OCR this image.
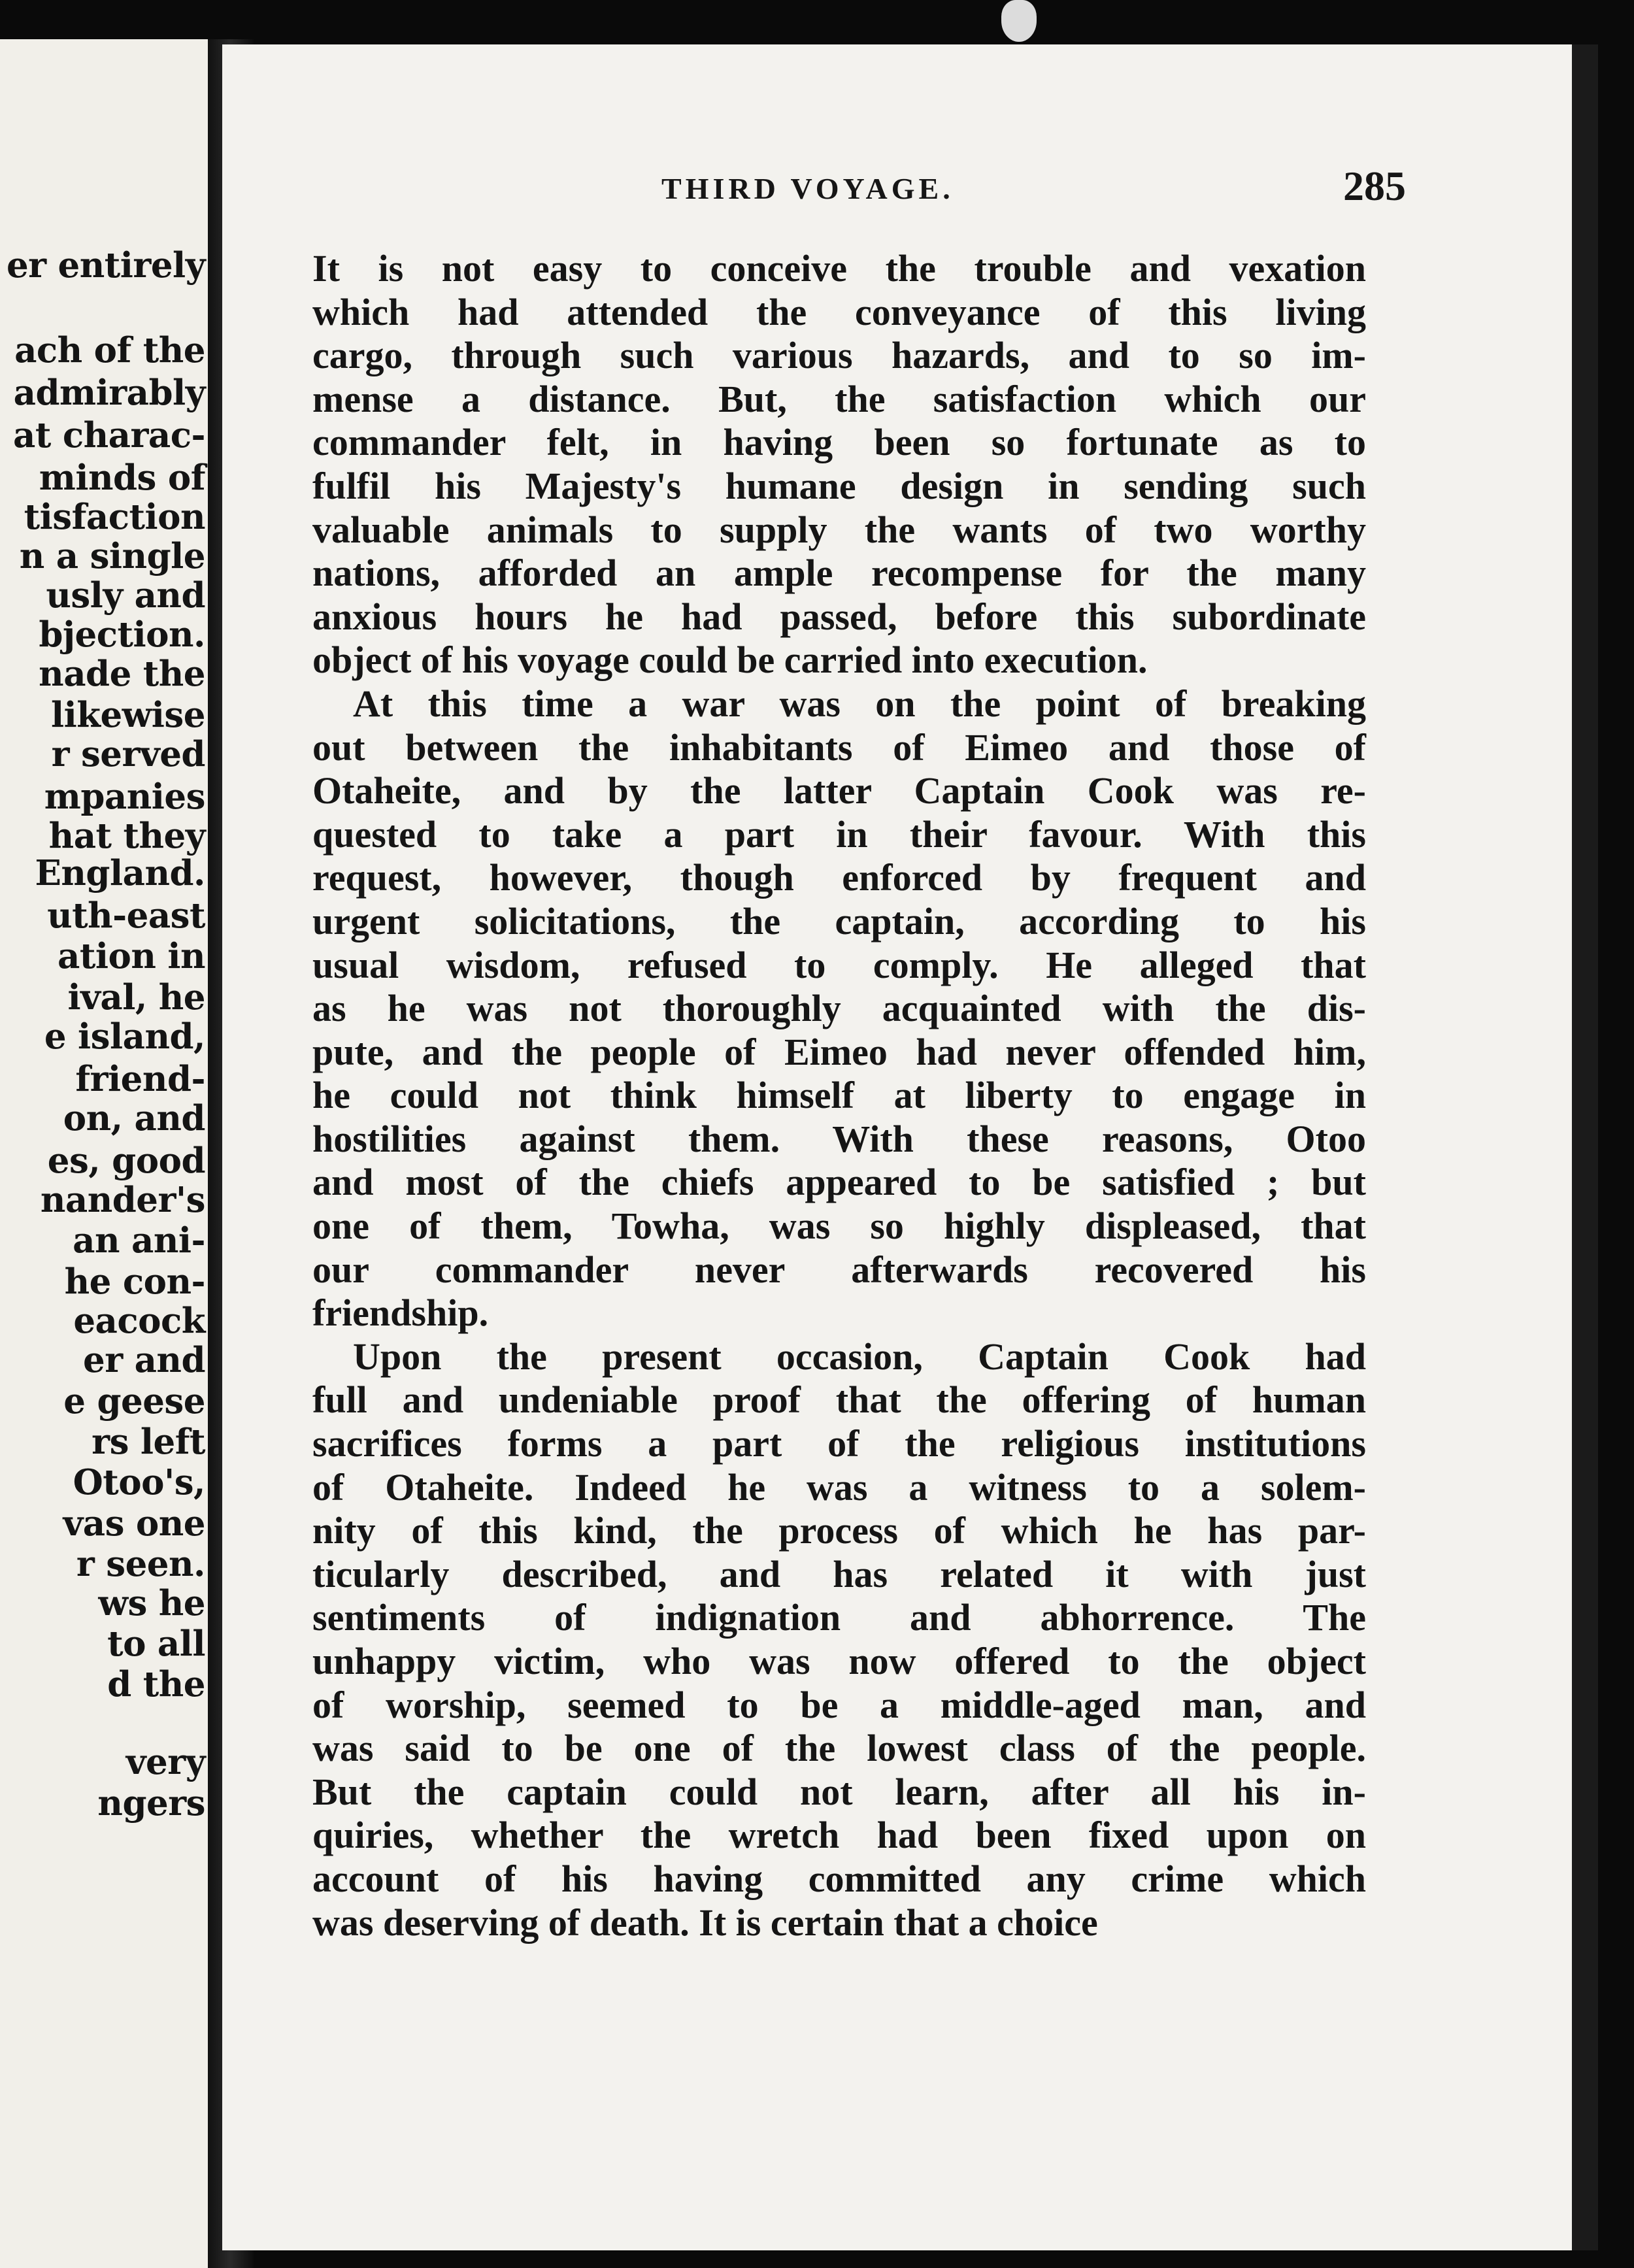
er entirely
ach of the
admirably
at charac-
minds of
tisfaction
n a single
usly and
bjection.
nade the
likewise
r served
mpanies
hat they
England.
uth-east
ation in
ival, he
e island,
friend-
on, and
es, good
nander's
an ani-
he con-
eacock
er and
e geese
rs left
Otoo's,
vas one
r seen.
ws he
to all
d the
very
ngers
THIRD VOYAGE.	285
It is not easy to conceive the trouble and vexation
which had attended the conveyance of this living
cargo, through such various hazards, and to so im-
mense a distance. But, the satisfaction which our
commander felt, in having been so fortunate as to
fulfil his Majesty's humane design in sending such
valuable animals to supply the wants of two worthy
nations, afforded an ample recompense for the many
anxious hours he had passed, before this subordinate
object of his voyage could be carried into execution.
At this time a war was on the point of breaking
out between the inhabitants of Eimeo and those of
Otaheite, and by the latter Captain Cook was re-
quested to take a part in their favour. With this
request, however, though enforced by frequent and
urgent solicitations, the captain, according to his
usual wisdom, refused to comply. He alleged that
as he was not thoroughly acquainted with the dis-
pute, and the people of Eimeo had never offended him,
he could not think himself at liberty to engage in
hostilities against them. With these reasons, Otoo
and most of the chiefs appeared to be satisfied ; but
one of them, Towha, was so highly displeased, that
our commander never afterwards recovered his
friendship.
Upon the present occasion, Captain Cook had
full and undeniable proof that the offering of human
sacrifices forms a part of the religious institutions
of Otaheite. Indeed he was a witness to a solem-
nity of this kind, the process of which he has par-
ticularly described, and has related it with just
sentiments of indignation and abhorrence. The
unhappy victim, who was now offered to the object
of worship, seemed to be a middle-aged man, and
was said to be one of the lowest class of the people.
But the captain could not learn, after all his in-
quiries, whether the wretch had been fixed upon on
account of his having committed any crime which
was deserving of death. It is certain that a choice
